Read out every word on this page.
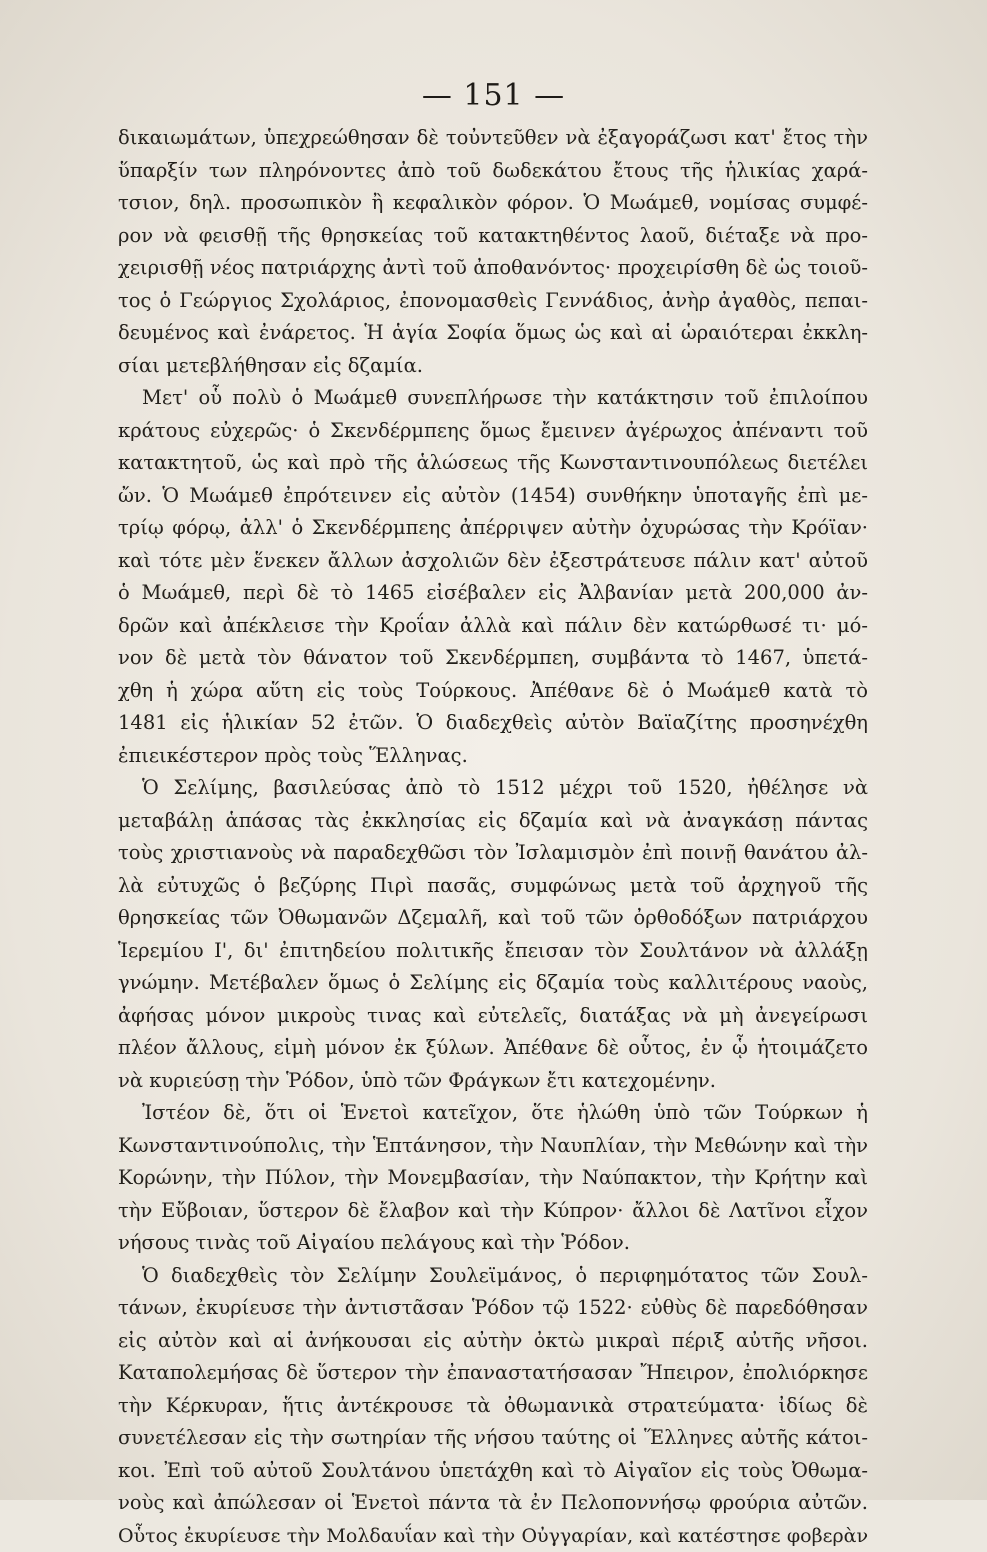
— 151 —
δικαιωμάτων, ὑπεχρεώθησαν δὲ τοὐντεῦθεν νὰ ἐξαγοράζωσι κατ' ἔτος τὴν
ὕπαρξίν των πληρόνοντες ἀπὸ τοῦ δωδεκάτου ἔτους τῆς ἡλικίας χαρά-
τσιον, δηλ. προσωπικὸν ἢ κεφαλικὸν φόρον. Ὁ Μωάμεθ, νομίσας συμφέ-
ρον νὰ φεισθῇ τῆς θρησκείας τοῦ κατακτηθέντος λαοῦ, διέταξε νὰ προ-
χειρισθῇ νέος πατριάρχης ἀντὶ τοῦ ἀποθανόντος· προχειρίσθη δὲ ὡς τοιοῦ-
τος ὁ Γεώργιος Σχολάριος, ἐπονομασθεὶς Γεννάδιος, ἀνὴρ ἀγαθὸς, πεπαι-
δευμένος καὶ ἐνάρετος. Ἡ ἁγία Σοφία ὅμως ὡς καὶ αἱ ὡραιότεραι ἐκκλη-
σίαι μετεβλήθησαν εἰς δζαμία.
Μετ' οὗ πολὺ ὁ Μωάμεθ συνεπλήρωσε τὴν κατάκτησιν τοῦ ἐπιλοίπου
κράτους εὐχερῶς· ὁ Σκενδέρμπεης ὅμως ἔμεινεν ἀγέρωχος ἀπέναντι τοῦ
κατακτητοῦ, ὡς καὶ πρὸ τῆς ἁλώσεως τῆς Κωνσταντινουπόλεως διετέλει
ὤν. Ὁ Μωάμεθ ἐπρότεινεν εἰς αὐτὸν (1454) συνθήκην ὑποταγῆς ἐπὶ με-
τρίῳ φόρῳ, ἀλλ' ὁ Σκενδέρμπεης ἀπέρριψεν αὐτὴν ὀχυρώσας τὴν Κρόϊαν·
καὶ τότε μὲν ἕνεκεν ἄλλων ἀσχολιῶν δὲν ἐξεστράτευσε πάλιν κατ' αὐτοῦ
ὁ Μωάμεθ, περὶ δὲ τὸ 1465 εἰσέβαλεν εἰς Ἀλβανίαν μετὰ 200,000 ἀν-
δρῶν καὶ ἀπέκλεισε τὴν Κροΐαν ἀλλὰ καὶ πάλιν δὲν κατώρθωσέ τι· μό-
νον δὲ μετὰ τὸν θάνατον τοῦ Σκενδέρμπεη, συμβάντα τὸ 1467, ὑπετά-
χθη ἡ χώρα αὕτη εἰς τοὺς Τούρκους. Ἀπέθανε δὲ ὁ Μωάμεθ κατὰ τὸ
1481 εἰς ἡλικίαν 52 ἐτῶν. Ὁ διαδεχθεὶς αὐτὸν Βαϊαζίτης προσηνέχθη
ἐπιεικέστερον πρὸς τοὺς Ἕλληνας.
Ὁ Σελίμης, βασιλεύσας ἀπὸ τὸ 1512 μέχρι τοῦ 1520, ἠθέλησε νὰ
μεταβάλῃ ἁπάσας τὰς ἐκκλησίας εἰς δζαμία καὶ νὰ ἀναγκάσῃ πάντας
τοὺς χριστιανοὺς νὰ παραδεχθῶσι τὸν Ἰσλαμισμὸν ἐπὶ ποινῇ θανάτου ἀλ-
λὰ εὐτυχῶς ὁ βεζύρης Πιρὶ πασᾶς, συμφώνως μετὰ τοῦ ἀρχηγοῦ τῆς
θρησκείας τῶν Ὀθωμανῶν Δζεμαλῆ, καὶ τοῦ τῶν ὀρθοδόξων πατριάρχου
Ἱερεμίου Ι', δι' ἐπιτηδείου πολιτικῆς ἔπεισαν τὸν Σουλτάνον νὰ ἀλλάξῃ
γνώμην. Μετέβαλεν ὅμως ὁ Σελίμης εἰς δζαμία τοὺς καλλιτέρους ναοὺς,
ἀφήσας μόνον μικροὺς τινας καὶ εὐτελεῖς, διατάξας νὰ μὴ ἀνεγείρωσι
πλέον ἄλλους, εἰμὴ μόνον ἐκ ξύλων. Ἀπέθανε δὲ οὗτος, ἐν ᾧ ἡτοιμάζετο
νὰ κυριεύσῃ τὴν Ῥόδον, ὑπὸ τῶν Φράγκων ἔτι κατεχομένην.
Ἰστέον δὲ, ὅτι οἱ Ἑνετοὶ κατεῖχον, ὅτε ἡλώθη ὑπὸ τῶν Τούρκων ἡ
Κωνσταντινούπολις, τὴν Ἑπτάνησον, τὴν Ναυπλίαν, τὴν Μεθώνην καὶ τὴν
Κορώνην, τὴν Πύλον, τὴν Μονεμβασίαν, τὴν Ναύπακτον, τὴν Κρήτην καὶ
τὴν Εὔβοιαν, ὕστερον δὲ ἔλαβον καὶ τὴν Κύπρον· ἄλλοι δὲ Λατῖνοι εἶχον
νήσους τινὰς τοῦ Αἰγαίου πελάγους καὶ τὴν Ῥόδον.
Ὁ διαδεχθεὶς τὸν Σελίμην Σουλεϊμάνος, ὁ περιφημότατος τῶν Σουλ-
τάνων, ἐκυρίευσε τὴν ἀντιστᾶσαν Ῥόδον τῷ 1522· εὐθὺς δὲ παρεδόθησαν
εἰς αὐτὸν καὶ αἱ ἀνήκουσαι εἰς αὐτὴν ὀκτὼ μικραὶ πέριξ αὐτῆς νῆσοι.
Καταπολεμήσας δὲ ὕστερον τὴν ἐπαναστατήσασαν Ἤπειρον, ἐπολιόρκησε
τὴν Κέρκυραν, ἥτις ἀντέκρουσε τὰ ὀθωμανικὰ στρατεύματα· ἰδίως δὲ
συνετέλεσαν εἰς τὴν σωτηρίαν τῆς νήσου ταύτης οἱ Ἕλληνες αὐτῆς κάτοι-
κοι. Ἐπὶ τοῦ αὐτοῦ Σουλτάνου ὑπετάχθη καὶ τὸ Αἰγαῖον εἰς τοὺς Ὀθωμα-
νοὺς καὶ ἀπώλεσαν οἱ Ἑνετοὶ πάντα τὰ ἐν Πελοποννήσῳ φρούρια αὐτῶν.
Οὗτος ἐκυρίευσε τὴν Μολδαυΐαν καὶ τὴν Οὐγγαρίαν, καὶ κατέστησε φοβερὰν
